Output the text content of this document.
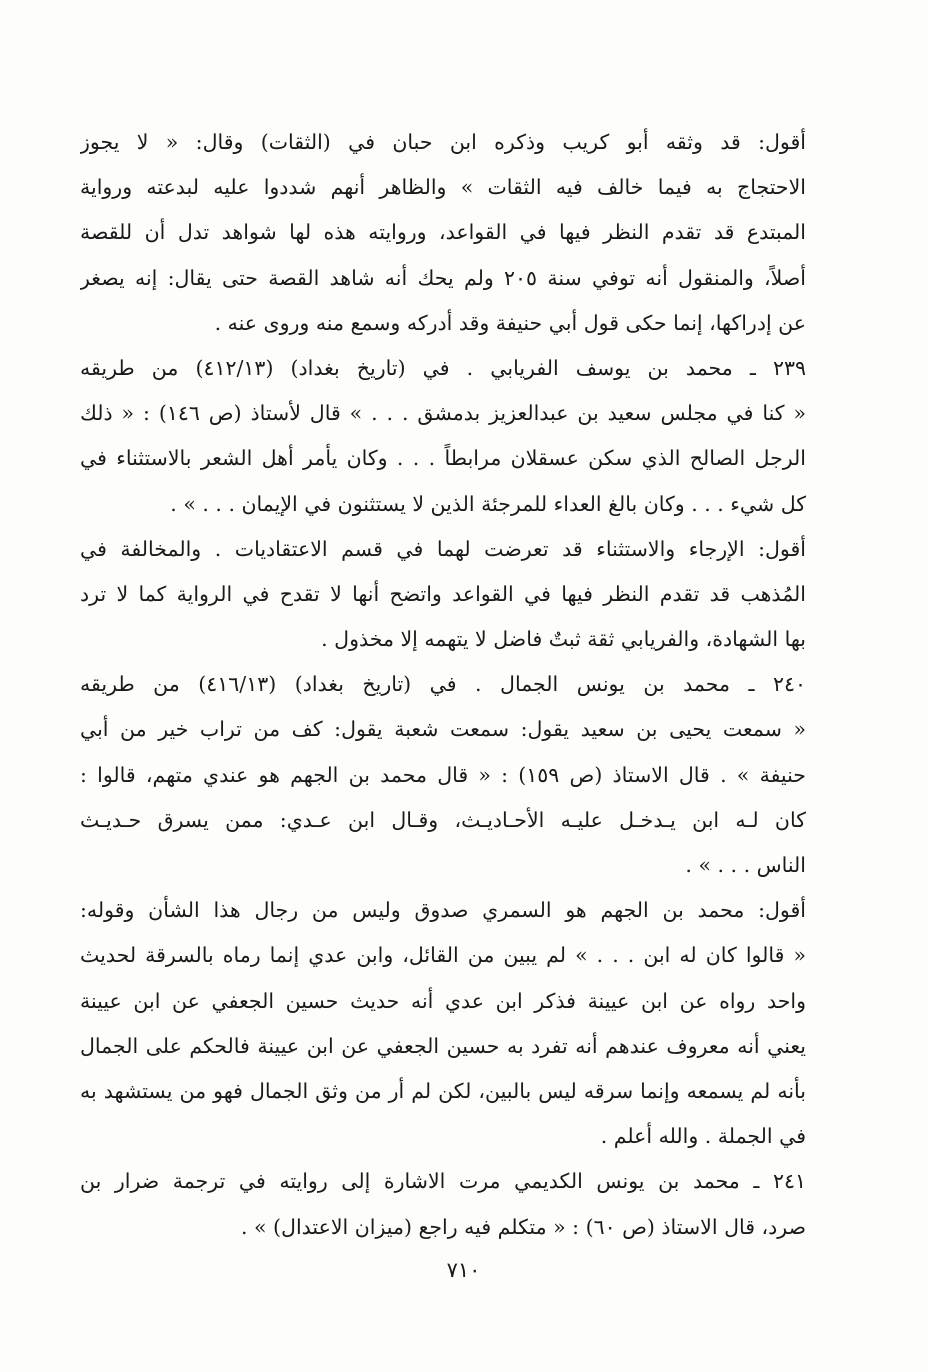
أقول: قد وثقه أبو كريب وذكره ابن حبان في (الثقات) وقال: « لا يجوز
الاحتجاج به فيما خالف فيه الثقات » والظاهر أنهم شددوا عليه لبدعته ورواية
المبتدع قد تقدم النظر فيها في القواعد، وروايته هذه لها شواهد تدل أن للقصة
أصلاً، والمنقول أنه توفي سنة ٢٠٥ ولم يحك أنه شاهد القصة حتى يقال: إنه يصغر
عن إدراكها، إنما حكى قول أبي حنيفة وقد أدركه وسمع منه وروى عنه .
٢٣٩ ـ محمد بن يوسف الفريابي . في (تاريخ بغداد) (٤١٢/١٣) من طريقه
« كنا في مجلس سعيد بن عبدالعزيز بدمشق . . . » قال لأستاذ (ص ١٤٦) : « ذلك
الرجل الصالح الذي سكن عسقلان مرابطاً . . . وكان يأمر أهل الشعر بالاستثناء في
كل شيء . . . وكان بالغ العداء للمرجئة الذين لا يستثنون في الإيمان . . . » .
أقول: الإرجاء والاستثناء قد تعرضت لهما في قسم الاعتقاديات . والمخالفة في
المُذهب قد تقدم النظر فيها في القواعد واتضح أنها لا تقدح في الرواية كما لا ترد
بها الشهادة، والفريابي ثقة ثبتٌ فاضل لا يتهمه إلا مخذول .
٢٤٠ ـ محمد بن يونس الجمال . في (تاريخ بغداد) (٤١٦/١٣) من طريقه
« سمعت يحيى بن سعيد يقول: سمعت شعبة يقول: كف من تراب خير من أبي
حنيفة » . قال الاستاذ (ص ١٥٩) : « قال محمد بن الجهم هو عندي متهم، قالوا :
كان لـه ابن يـدخـل عليـه الأحـاديـث، وقـال ابن عـدي: ممن يسرق حـديـث
الناس . . . » .
أقول: محمد بن الجهم هو السمري صدوق وليس من رجال هذا الشأن وقوله:
« قالوا كان له ابن . . . » لم يبين من القائل، وابن عدي إنما رماه بالسرقة لحديث
واحد رواه عن ابن عيينة فذكر ابن عدي أنه حديث حسين الجعفي عن ابن عيينة
يعني أنه معروف عندهم أنه تفرد به حسين الجعفي عن ابن عيينة فالحكم على الجمال
بأنه لم يسمعه وإنما سرقه ليس بالبين، لكن لم أر من وثق الجمال فهو من يستشهد به
في الجملة . والله أعلم .
٢٤١ ـ محمد بن يونس الكديمي مرت الاشارة إلى روايته في ترجمة ضرار بن
صرد، قال الاستاذ (ص ٦٠) : « متكلم فيه راجع (ميزان الاعتدال) » .
٧١٠
